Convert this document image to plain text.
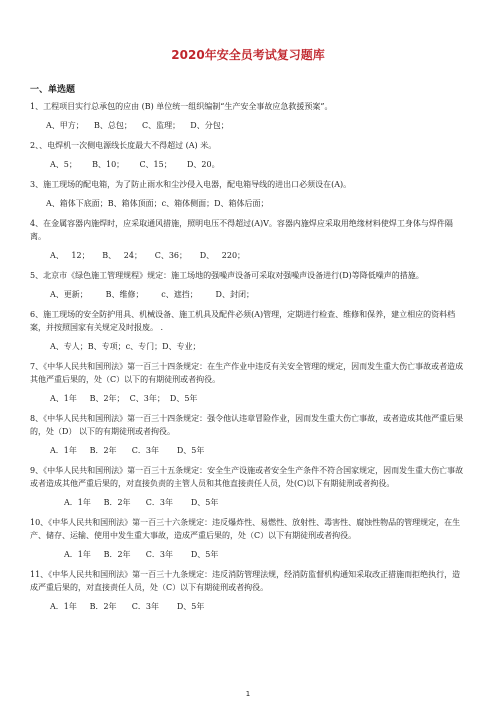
2020年安全员考试复习题库
一、单选题

1、工程项目实行总承包的应由 (B) 单位统一组织编制“生产安全事故应急救援预案”。

A、甲方；    B、总包；    C、监理；    D、分包；

2、、电焊机一次侧电源线长度最大不得超过 (A) 米。

A、5；      B、10；      C、15；      D、20。

3、施工现场的配电箱，为了防止雨水和尘沙侵入电器，配电箱导线的进出口必须设在(A)。

A、箱体下底面；B、箱体顶面；c、箱体侧面；D、箱体后面；

4、在金属容器内施焊时，应采取通风措施，照明电压不得超过(A)V。容器内施焊应采取用绝缘材料使焊工身体与焊件隔离。

A、   12；     B、   24；     C、36；     D、   220；

5、北京市《绿色施工管理规程》规定：施工场地的强噪声设备可采取对强噪声设备进行(D)等降低噪声的措施。

A、更新；       B、维修；       c、遮挡；       D、封闭；

6、施工现场的安全防护用具、机械设备、施工机具及配件必须(A)管理，定期进行检查、维修和保养，建立相应的资料档案，并按照国家有关规定及时报废。 .

A、专人；B、专项；c、专门；D、专业；

7、《中华人民共和国刑法》第一百三十四条规定：在生产作业中违反有关安全管理的规定，因而发生重大伤亡事故或者造成其他严重后果的，处（C）以下的有期徒刑或者拘役。

A、1年     B、2年；  C、3年；  D、5年

8、《中华人民共和国刑法》第一百三十四条规定：强令他认违章冒险作业，因而发生重大伤亡事故，或者造成其他严重后果的，处（D） 以下的有期徒刑或者拘役。

A．1年     B．2年      C．3年       D、5年

9、《中华人民共和国刑法》第一百三十五条规定：安全生产设施或者安全生产条件不符合国家规定，因而发生重大伤亡事故或者造成其他严重后果的，对直接负责的主管人员和其他直接责任人员，处(C)以下有期徒刑或者拘役。

A．1年     B．2年      C．3年       D、5年

10、《中华人民共和国刑法》第一百三十六条规定：违反爆炸性、易燃性、放射性、毒害性、腐蚀性物品的管理规定，在生产、储存、运输、使用中发生重大事故，造成严重后果的，处（C）以下有期徒刑或者拘役。

A．1年     B．2年      C．3年       D、5年

11、《中华人民共和国刑法》第一百三十九条规定：违反消防管理法规，经消防监督机构通知采取改正措施而拒绝执行，造成严重后果的，对直接责任人员，处（C）以下有期徒刑或者拘役。

A．1年     B．2年      C．3年       D、5年
1
